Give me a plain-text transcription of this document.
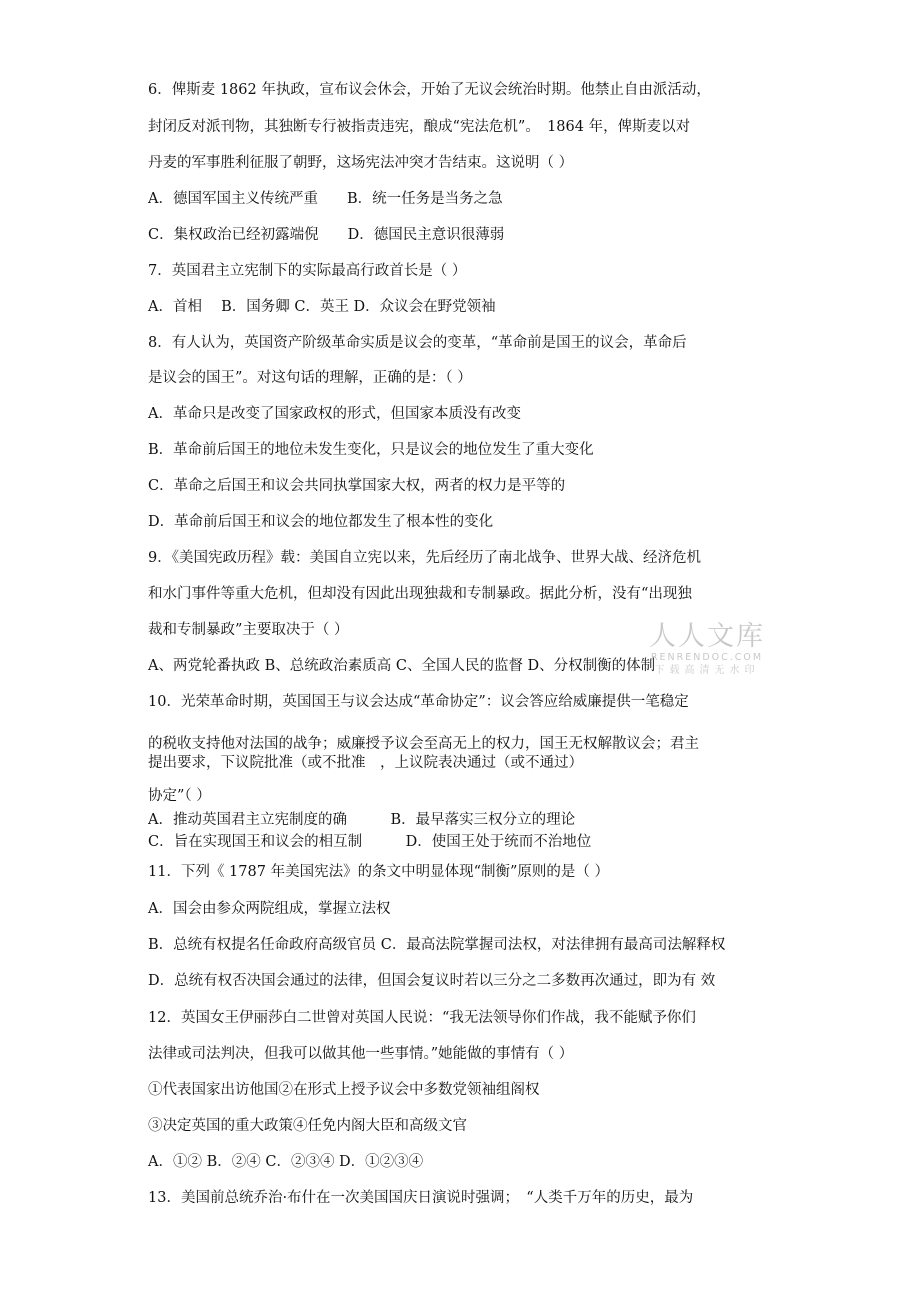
6．俾斯麦 1862 年执政，宣布议会休会，开始了无议会统治时期。他禁止自由派活动，
封闭反对派刊物，其独断专行被指责违宪，酿成“宪法危机”。　1864 年，俾斯麦以对
丹麦的军事胜利征服了朝野，这场宪法冲突才告结束。这说明（ ）
A．德国军国主义传统严重　　B．统一任务是当务之急
C．集权政治已经初露端倪　　D．德国民主意识很薄弱
7．英国君主立宪制下的实际最高行政首长是（ ）
A．首相　 B．国务卿 C．英王 D．众议会在野党领袖
8．有人认为，英国资产阶级革命实质是议会的变革，“革命前是国王的议会，革命后
是议会的国王”。对这句话的理解，正确的是：（ ）
A．革命只是改变了国家政权的形式，但国家本质没有改变
B．革命前后国王的地位未发生变化，只是议会的地位发生了重大变化
C．革命之后国王和议会共同执掌国家大权，两者的权力是平等的
D．革命前后国王和议会的地位都发生了根本性的变化
9．《美国宪政历程》载：美国自立宪以来，先后经历了南北战争、世界大战、经济危机
和水门事件等重大危机，但却没有因此出现独裁和专制暴政。据此分析，没有“出现独
裁和专制暴政”主要取决于（ ）
A、两党轮番执政 B、总统政治素质高 C、全国人民的监督 D、分权制衡的体制
10．光荣革命时期，英国国王与议会达成“革命协定”：议会答应给威廉提供一笔稳定
的税收支持他对法国的战争；威廉授予议会至高无上的权力，国王无权解散议会；君主
提出要求，下议院批准（或不批准　，上议院表决通过（或不通过）
协定”（ ）
A．推动英国君主立宪制度的确　　　B．最早落实三权分立的理论
C．旨在实现国王和议会的相互制　　　D．使国王处于统而不治地位
11．下列《 1787 年美国宪法》的条文中明显体现“制衡”原则的是（ ）
A．国会由参众两院组成，掌握立法权
B．总统有权提名任命政府高级官员 C．最高法院掌握司法权，对法律拥有最高司法解释权
D．总统有权否决国会通过的法律，但国会复议时若以三分之二多数再次通过，即为有 效
12．英国女王伊丽莎白二世曾对英国人民说：“我无法领导你们作战，我不能赋予你们
法律或司法判决，但我可以做其他一些事情。”她能做的事情有（ ）
①代表国家出访他国②在形式上授予议会中多数党领袖组阁权
③决定英国的重大政策④任免内阁大臣和高级文官
A．①② B．②④ C．②③④ D．①②③④
13．美国前总统乔治·布什在一次美国国庆日演说时强调；　“人类千万年的历史，最为
人人文库
RENRENDOC.COM
下载高清无水印
